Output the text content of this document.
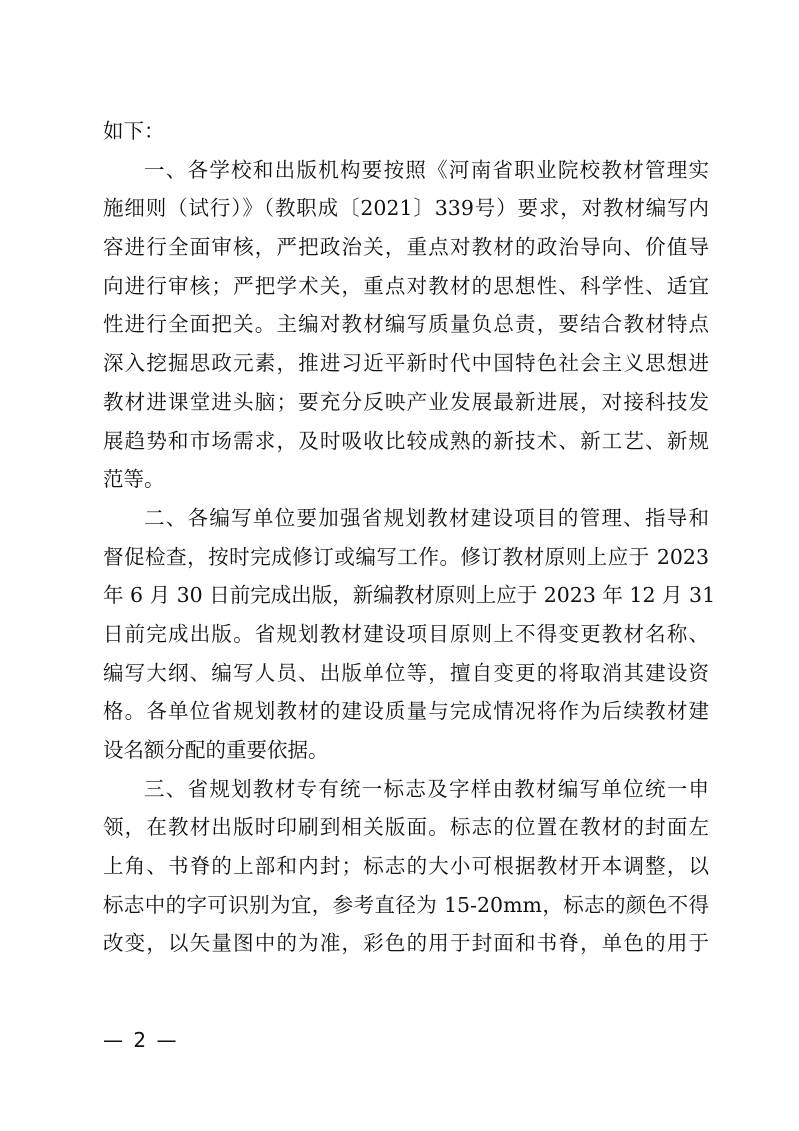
如下：
一、各学校和出版机构要按照《河南省职业院校教材管理实
施细则（试行）》（教职成〔2021〕339号）要求，对教材编写内
容进行全面审核，严把政治关，重点对教材的政治导向、价值导
向进行审核；严把学术关，重点对教材的思想性、科学性、适宜
性进行全面把关。主编对教材编写质量负总责，要结合教材特点
深入挖掘思政元素，推进习近平新时代中国特色社会主义思想进
教材进课堂进头脑；要充分反映产业发展最新进展，对接科技发
展趋势和市场需求，及时吸收比较成熟的新技术、新工艺、新规
范等。
二、各编写单位要加强省规划教材建设项目的管理、指导和
督促检查，按时完成修订或编写工作。修订教材原则上应于 2023
年 6 月 30 日前完成出版，新编教材原则上应于 2023 年 12 月 31
日前完成出版。省规划教材建设项目原则上不得变更教材名称、
编写大纲、编写人员、出版单位等，擅自变更的将取消其建设资
格。各单位省规划教材的建设质量与完成情况将作为后续教材建
设名额分配的重要依据。
三、省规划教材专有统一标志及字样由教材编写单位统一申
领，在教材出版时印刷到相关版面。标志的位置在教材的封面左
上角、书脊的上部和内封；标志的大小可根据教材开本调整，以
标志中的字可识别为宜，参考直径为 15-20mm，标志的颜色不得
改变，以矢量图中的为准，彩色的用于封面和书脊，单色的用于
— 2 —
